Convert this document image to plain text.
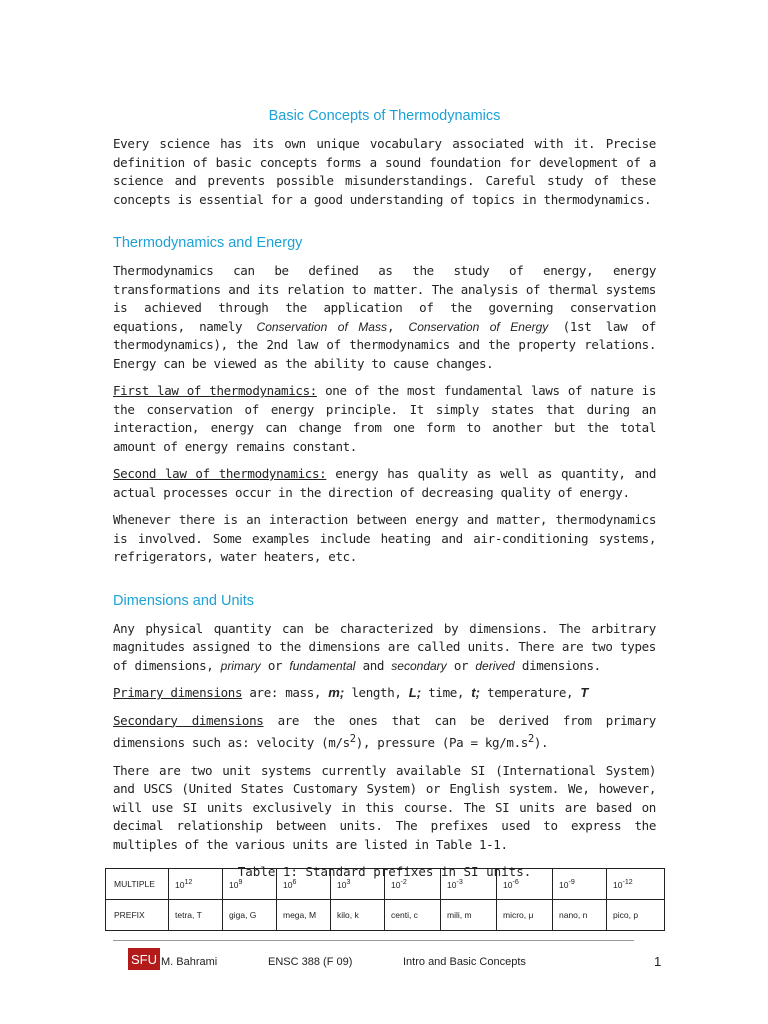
Basic Concepts of Thermodynamics

Every science has its own unique vocabulary associated with it. Precise definition of basic concepts forms a sound foundation for development of a science and prevents possible misunderstandings. Careful study of these concepts is essential for a good understanding of topics in thermodynamics.

Thermodynamics and Energy

Thermodynamics can be defined as the study of energy, energy transformations and its relation to matter. The analysis of thermal systems is achieved through the application of the governing conservation equations, namely Conservation of Mass, Conservation of Energy (1st law of thermodynamics), the 2nd law of thermodynamics and the property relations. Energy can be viewed as the ability to cause changes.

First law of thermodynamics: one of the most fundamental laws of nature is the conservation of energy principle. It simply states that during an interaction, energy can change from one form to another but the total amount of energy remains constant.

Second law of thermodynamics: energy has quality as well as quantity, and actual processes occur in the direction of decreasing quality of energy.

Whenever there is an interaction between energy and matter, thermodynamics is involved. Some examples include heating and air-conditioning systems, refrigerators, water heaters, etc.

Dimensions and Units

Any physical quantity can be characterized by dimensions. The arbitrary magnitudes assigned to the dimensions are called units. There are two types of dimensions, primary or fundamental and secondary or derived dimensions.

Primary dimensions are: mass, m; length, L; time, t; temperature, T

Secondary dimensions are the ones that can be derived from primary dimensions such as: velocity $(m/s^2)$, pressure $(Pa = kg/m.s^2)$.

There are two unit systems currently available SI (International System) and USCS (United States Customary System) or English system. We, however, will use SI units exclusively in this course. The SI units are based on decimal relationship between units. The prefixes used to express the multiples of the various units are listed in Table 1-1.

Table 1: Standard prefixes in SI units.
MULTIPLE	$10^{12}$	$10^9$	$10^6$	$10^3$	$10^{-2}$	$10^{-3}$	$10^{-6}$	$10^{-9}$	$10^{-12}$
PREFIX	tetra, T	giga, G	mega, M	kilo, k	centi, c	mili, m	micro, μ	nano, n	pico, p
SFU M. Bahrami	ENSC 388 (F 09)	Intro and Basic Concepts	1
